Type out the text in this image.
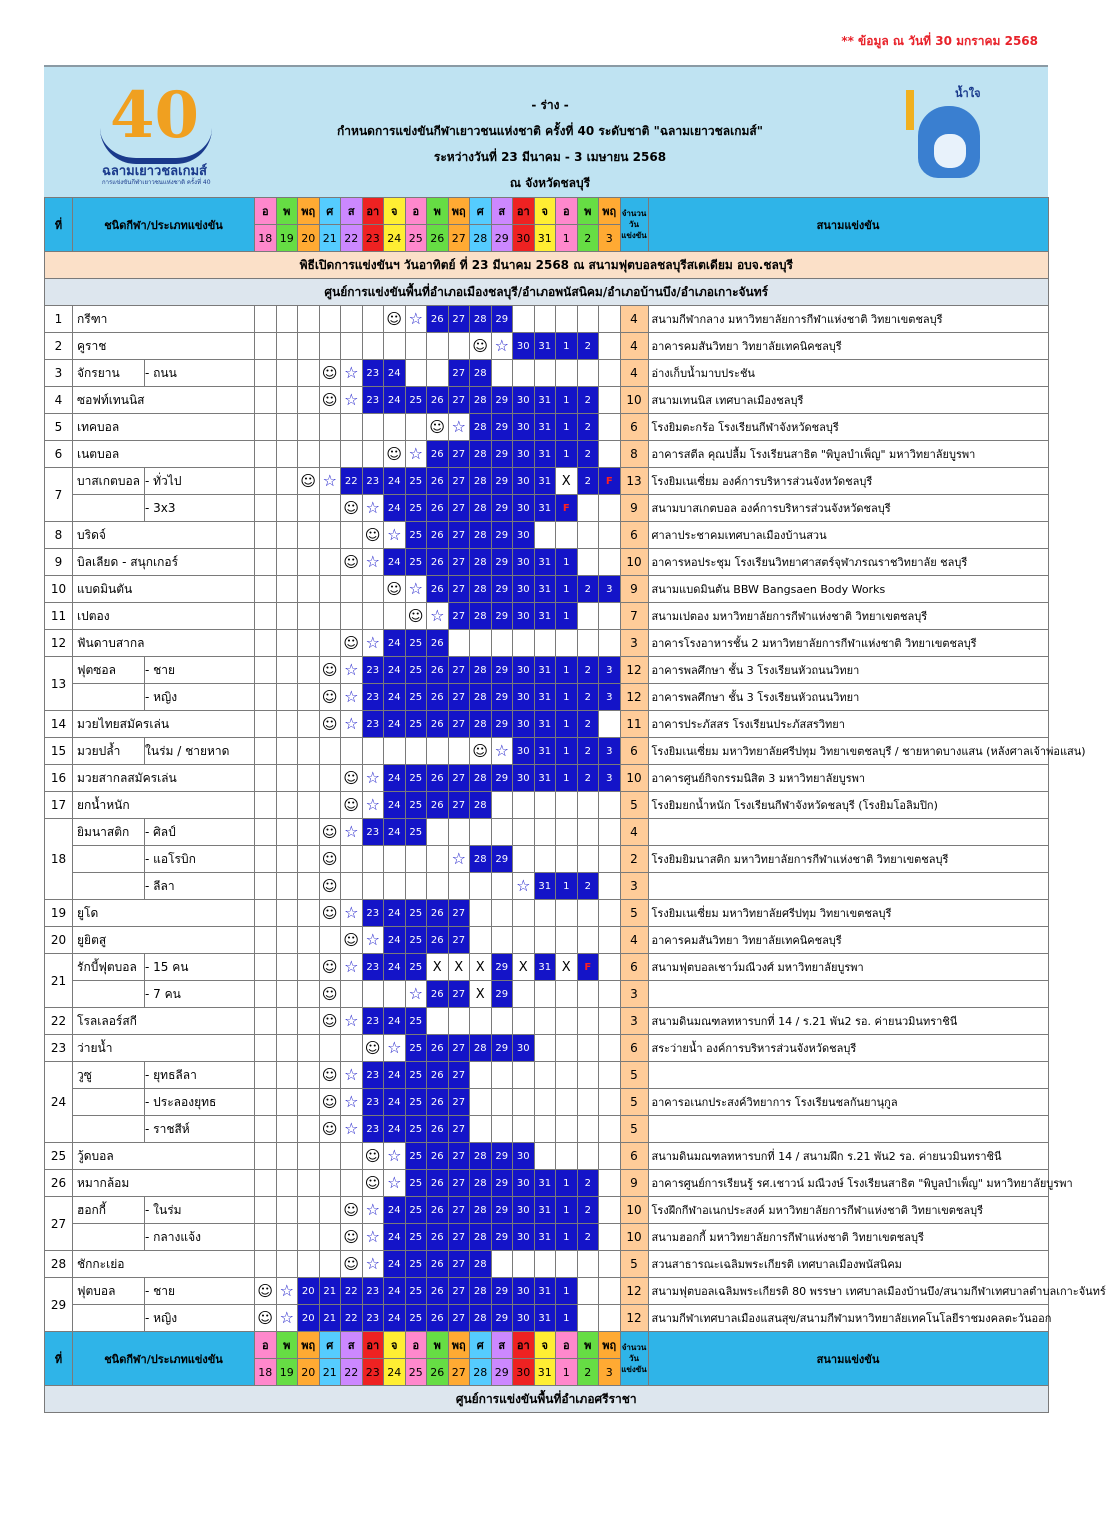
** ข้อมูล ณ วันที่ 30 มกราคม 2568
40
ฉลามเยาวชลเกมส์
การแข่งขันกีฬาเยาวชนแห่งชาติ ครั้งที่ 40
น้ำใจ
- ร่าง -
กำหนดการแข่งขันกีฬาเยาวชนแห่งชาติ ครั้งที่ 40 ระดับชาติ "ฉลามเยาวชลเกมส์"
ระหว่างวันที่ 23 มีนาคม - 3 เมษายน 2568
ณ จังหวัดชลบุรี
ที่	ชนิดกีฬา/ประเภทแข่งขัน		อ	พ	พฤ	ศ	ส	อา	จ	อ	พ	พฤ	ศ	ส	อา	จ	อ	พ	พฤ	จำนวน
วัน
แข่งขัน	สนามแข่งขัน
			18	19	20	21	22	23	24	25	26	27	28	29	30	31	1	2	3		
พิธีเปิดการแข่งขันฯ วันอาทิตย์ ที่ 23 มีนาคม 2568 ณ สนามฟุตบอลชลบุรีสเตเดียม อบจ.ชลบุรี																					
ศูนย์การแข่งขันพื้นที่อำเภอเมืองชลบุรี/อำเภอพนัสนิคม/อำเภอบ้านบึง/อำเภอเกาะจันทร์																					
1	กรีฑา								☺	☆	26	27	28	29						4	สนามกีฬากลาง มหาวิทยาลัยการกีฬาแห่งชาติ วิทยาเขตชลบุรี
2	คูราช												☺	☆	30	31	1	2		4	อาคารคมสันวิทยา วิทยาลัยเทคนิคชลบุรี
3	จักรยาน	- ถนน				☺	☆	23	24			27	28							4	อ่างเก็บน้ำมาบประชัน
4	ซอฟท์เทนนิส					☺	☆	23	24	25	26	27	28	29	30	31	1	2		10	สนามเทนนิส เทศบาลเมืองชลบุรี
5	เทคบอล										☺	☆	28	29	30	31	1	2		6	โรงยิมตะกร้อ โรงเรียนกีฬาจังหวัดชลบุรี
6	เนตบอล								☺	☆	26	27	28	29	30	31	1	2		8	อาคารสตีล คุณปลื้ม โรงเรียนสาธิต "พิบูลบำเพ็ญ" มหาวิทยาลัยบูรพา
7	บาสเกตบอล	- ทั่วไป			☺	☆	22	23	24	25	26	27	28	29	30	31	X	2	F	13	โรงยิมเนเซี่ยม องค์การบริหารส่วนจังหวัดชลบุรี
		- 3x3					☺	☆	24	25	26	27	28	29	30	31	F			9	สนามบาสเกตบอล องค์การบริหารส่วนจังหวัดชลบุรี
8	บริดจ์							☺	☆	25	26	27	28	29	30					6	ศาลาประชาคมเทศบาลเมืองบ้านสวน
9	บิลเลียด - สนุกเกอร์						☺	☆	24	25	26	27	28	29	30	31	1			10	อาคารหอประชุม โรงเรียนวิทยาศาสตร์จุฬาภรณราชวิทยาลัย ชลบุรี
10	แบดมินตัน								☺	☆	26	27	28	29	30	31	1	2	3	9	สนามแบดมินตัน BBW Bangsaen Body Works
11	เปตอง									☺	☆	27	28	29	30	31	1			7	สนามเปตอง มหาวิทยาลัยการกีฬาแห่งชาติ วิทยาเขตชลบุรี
12	ฟันดาบสากล						☺	☆	24	25	26									3	อาคารโรงอาหารชั้น 2 มหาวิทยาลัยการกีฬาแห่งชาติ วิทยาเขตชลบุรี
13	ฟุตซอล	- ชาย				☺	☆	23	24	25	26	27	28	29	30	31	1	2	3	12	อาคารพลศึกษา ชั้น 3 โรงเรียนหัวถนนวิทยา
		- หญิง				☺	☆	23	24	25	26	27	28	29	30	31	1	2	3	12	อาคารพลศึกษา ชั้น 3 โรงเรียนหัวถนนวิทยา
14	มวยไทยสมัครเล่น					☺	☆	23	24	25	26	27	28	29	30	31	1	2		11	อาคารประภัสสร โรงเรียนประภัสสรวิทยา
15	มวยปล้ำ	ในร่ม / ชายหาด											☺	☆	30	31	1	2	3	6	โรงยิมเนเซี่ยม มหาวิทยาลัยศรีปทุม วิทยาเขตชลบุรี / ชายหาดบางแสน (หลังศาลเจ้าพ่อแสน)
16	มวยสากลสมัครเล่น						☺	☆	24	25	26	27	28	29	30	31	1	2	3	10	อาคารศูนย์กิจกรรมนิสิต 3 มหาวิทยาลัยบูรพา
17	ยกน้ำหนัก						☺	☆	24	25	26	27	28							5	โรงยิมยกน้ำหนัก โรงเรียนกีฬาจังหวัดชลบุรี (โรงยิมโอลิมปิก)
18	ยิมนาสติก	- ศิลป์				☺	☆	23	24	25										4	
		- แอโรบิก				☺						☆	28	29						2	โรงยิมยิมนาสติก มหาวิทยาลัยการกีฬาแห่งชาติ วิทยาเขตชลบุรี
		- ลีลา				☺									☆	31	1	2		3	
19	ยูโด					☺	☆	23	24	25	26	27								5	โรงยิมเนเซี่ยม มหาวิทยาลัยศรีปทุม วิทยาเขตชลบุรี
20	ยูยิตสู						☺	☆	24	25	26	27								4	อาคารคมสันวิทยา วิทยาลัยเทคนิคชลบุรี
21	รักบี้ฟุตบอล	- 15 คน				☺	☆	23	24	25	X	X	X	29	X	31	X	F		6	สนามฟุตบอลเชาว์มณีวงศ์ มหาวิทยาลัยบูรพา
		- 7 คน				☺				☆	26	27	X	29						3	
22	โรลเลอร์สกี					☺	☆	23	24	25										3	สนามดินมณฑลทหารบกที่ 14 / ร.21 พัน2 รอ. ค่ายนวมินทราชินี
23	ว่ายน้ำ							☺	☆	25	26	27	28	29	30					6	สระว่ายน้ำ องค์การบริหารส่วนจังหวัดชลบุรี
24	วูซู	- ยุทธลีลา				☺	☆	23	24	25	26	27								5	
		- ประลองยุทธ				☺	☆	23	24	25	26	27								5	อาคารอเนกประสงค์วิทยาการ โรงเรียนชลกันยานุกูล
		- ราชสีห์				☺	☆	23	24	25	26	27								5	
25	วู้ดบอล							☺	☆	25	26	27	28	29	30					6	สนามดินมณฑลทหารบกที่ 14 / สนามฝึก ร.21 พัน2 รอ. ค่ายนวมินทราชินี
26	หมากล้อม							☺	☆	25	26	27	28	29	30	31	1	2		9	อาคารศูนย์การเรียนรู้ รศ.เชาวน์ มณีวงษ์ โรงเรียนสาธิต "พิบูลบำเพ็ญ" มหาวิทยาลัยบูรพา
27	ฮอกกี้	- ในร่ม					☺	☆	24	25	26	27	28	29	30	31	1	2		10	โรงฝึกกีฬาอเนกประสงค์ มหาวิทยาลัยการกีฬาแห่งชาติ วิทยาเขตชลบุรี
		- กลางแจ้ง					☺	☆	24	25	26	27	28	29	30	31	1	2		10	สนามฮอกกี้ มหาวิทยาลัยการกีฬาแห่งชาติ วิทยาเขตชลบุรี
28	ชักกะเย่อ						☺	☆	24	25	26	27	28							5	สวนสาธารณะเฉลิมพระเกียรติ เทศบาลเมืองพนัสนิคม
29	ฟุตบอล	- ชาย	☺	☆	20	21	22	23	24	25	26	27	28	29	30	31	1			12	สนามฟุตบอลเฉลิมพระเกียรติ 80 พรรษา เทศบาลเมืองบ้านบึง/สนามกีฬาเทศบาลตำบลเกาะจันทร์
		- หญิง	☺	☆	20	21	22	23	24	25	26	27	28	29	30	31	1			12	สนามกีฬาเทศบาลเมืองแสนสุข/สนามกีฬามหาวิทยาลัยเทคโนโลยีราชมงคลตะวันออก
ที่	ชนิดกีฬา/ประเภทแข่งขัน		อ	พ	พฤ	ศ	ส	อา	จ	อ	พ	พฤ	ศ	ส	อา	จ	อ	พ	พฤ	จำนวน
วัน
แข่งขัน	สนามแข่งขัน
			18	19	20	21	22	23	24	25	26	27	28	29	30	31	1	2	3		
ศูนย์การแข่งขันพื้นที่อำเภอศรีราชา																					
